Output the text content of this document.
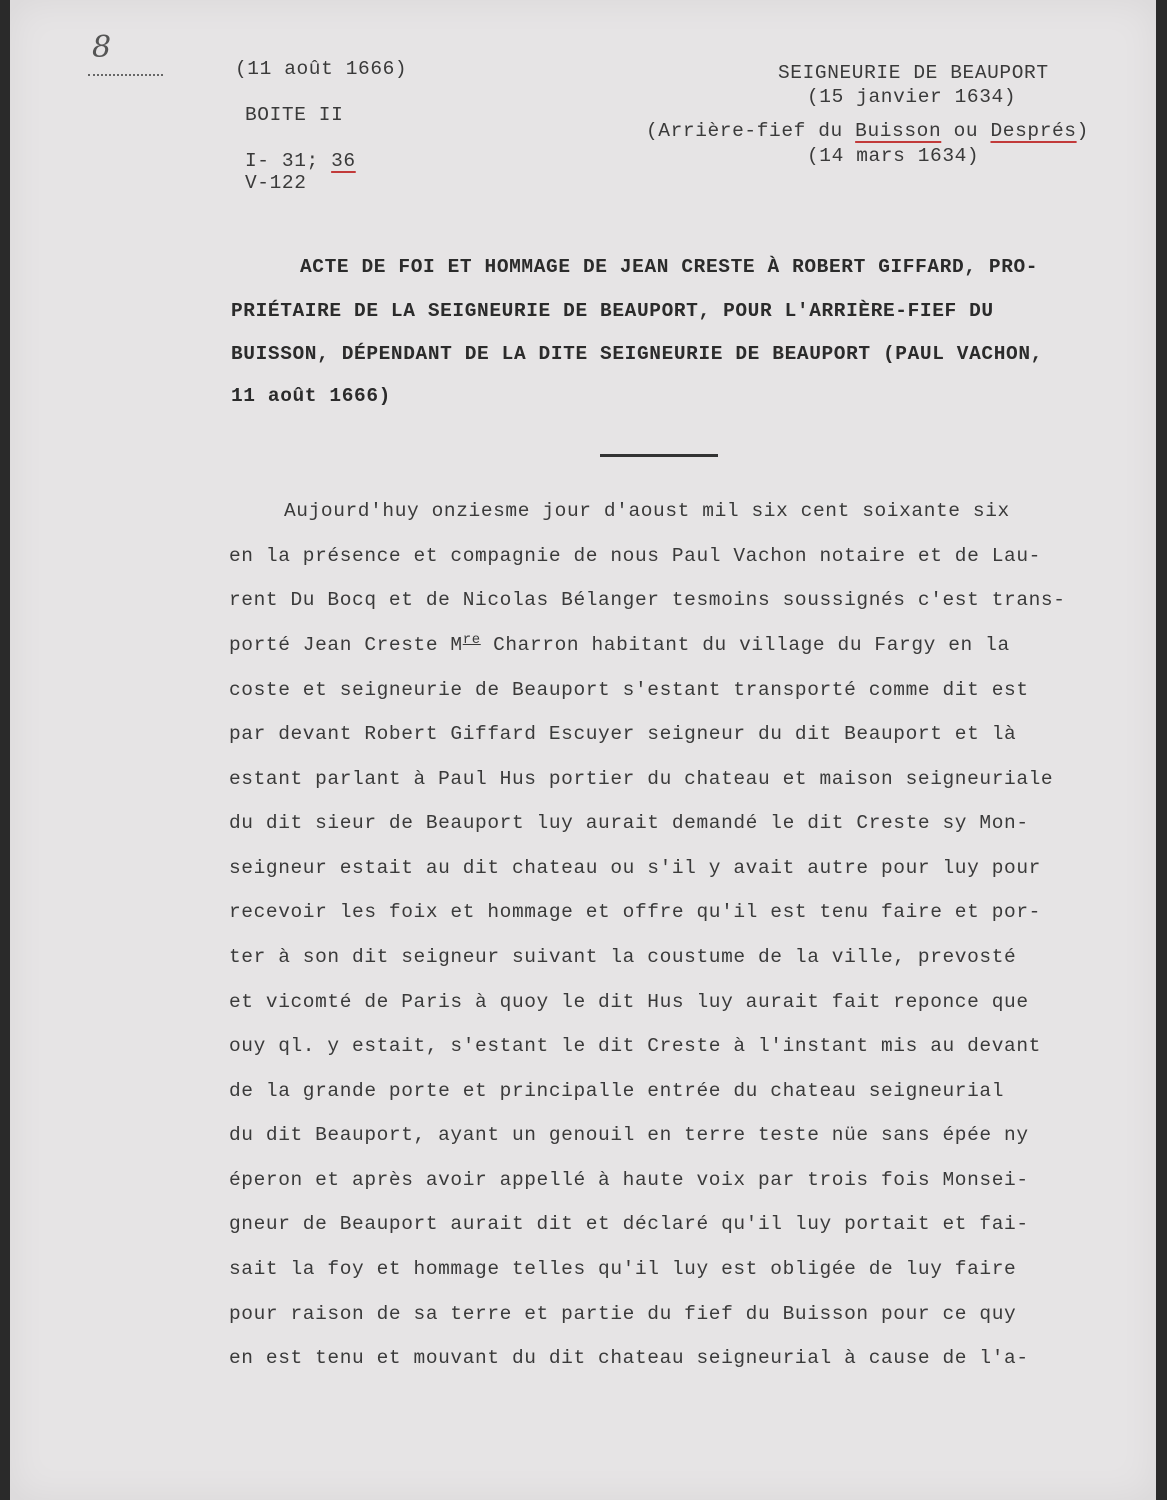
8
(11 août 1666)
BOITE II
I- 31; 36
V-122
SEIGNEURIE DE BEAUPORT
(15 janvier 1634)
(Arrière-fief du Buisson ou Després)
(14 mars 1634)
ACTE DE FOI ET HOMMAGE DE JEAN CRESTE À ROBERT GIFFARD, PRO-
PRIÉTAIRE DE LA SEIGNEURIE DE BEAUPORT, POUR L'ARRIÈRE-FIEF DU
BUISSON, DÉPENDANT DE LA DITE SEIGNEURIE DE BEAUPORT (PAUL VACHON,
11 août 1666)
Aujourd'huy onziesme jour d'aoust mil six cent soixante six
en la présence et compagnie de nous Paul Vachon notaire et de Lau-
rent Du Bocq et de Nicolas Bélanger tesmoins soussignés c'est trans-
porté Jean Creste Mre Charron habitant du village du Fargy en la
coste et seigneurie de Beauport s'estant transporté comme dit est
par devant Robert Giffard Escuyer seigneur du dit Beauport et là
estant parlant à Paul Hus portier du chateau et maison seigneuriale
du dit sieur de Beauport luy aurait demandé le dit Creste sy Mon-
seigneur estait au dit chateau ou s'il y avait autre pour luy pour
recevoir les foix et hommage et offre qu'il est tenu faire et por-
ter à son dit seigneur suivant la coustume de la ville, prevosté
et vicomté de Paris à quoy le dit Hus luy aurait fait reponce que
ouy ql. y estait, s'estant le dit Creste à l'instant mis au devant
de la grande porte et principalle entrée du chateau seigneurial
du dit Beauport, ayant un genouil en terre teste nüe sans épée ny
éperon et après avoir appellé à haute voix par trois fois Monsei-
gneur de Beauport aurait dit et déclaré qu'il luy portait et fai-
sait la foy et hommage telles qu'il luy est obligée de luy faire
pour raison de sa terre et partie du fief du Buisson pour ce quy
en est tenu et mouvant du dit chateau seigneurial à cause de l'a-
